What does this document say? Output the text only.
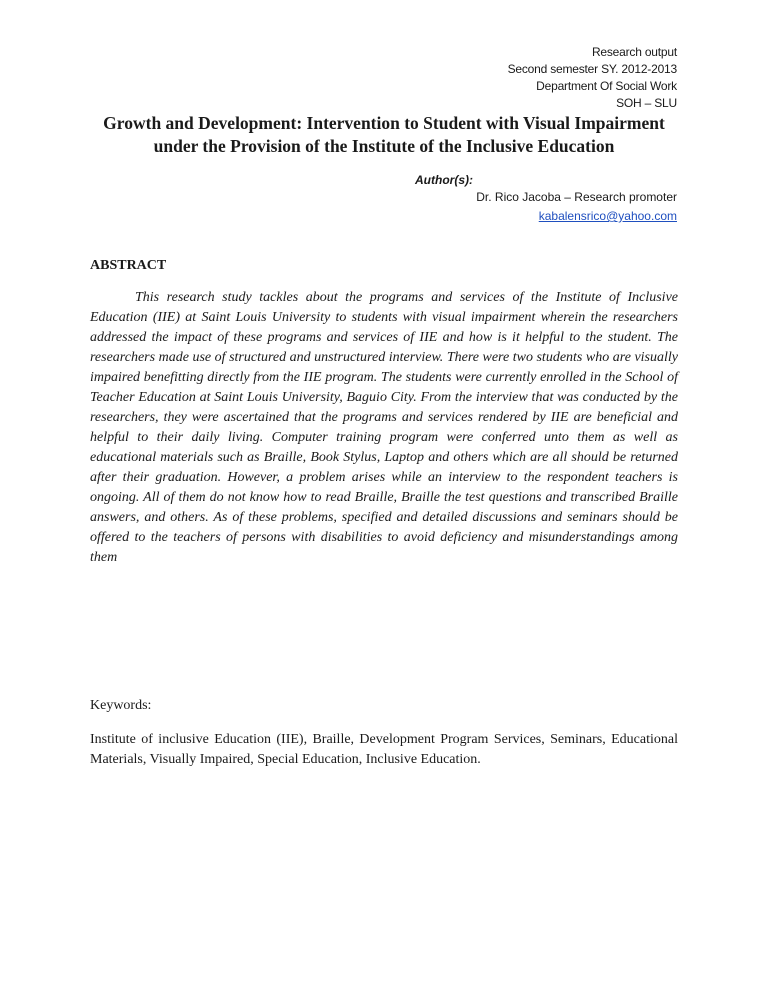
Research output
Second semester SY. 2012-2013
Department Of Social Work
SOH – SLU
Growth and Development: Intervention to Student with Visual Impairment under the Provision of the Institute of the Inclusive Education
Author(s):
Dr. Rico Jacoba – Research promoter
kabalensrico@yahoo.com
ABSTRACT

This research study tackles about the programs and services of the Institute of Inclusive Education (IIE) at Saint Louis University to students with visual impairment wherein the researchers addressed the impact of these programs and services of IIE and how is it helpful to the student. The researchers made use of structured and unstructured interview. There were two students who are visually impaired benefitting directly from the IIE program. The students were currently enrolled in the School of Teacher Education at Saint Louis University, Baguio City. From the interview that was conducted by the researchers, they were ascertained that the programs and services rendered by IIE are beneficial and helpful to their daily living. Computer training program were conferred unto them as well as educational materials such as Braille, Book Stylus, Laptop and others which are all should be returned after their graduation. However, a problem arises while an interview to the respondent teachers is ongoing. All of them do not know how to read Braille, Braille the test questions and transcribed Braille answers, and others. As of these problems, specified and detailed discussions and seminars should be offered to the teachers of persons with disabilities to avoid deficiency and misunderstandings among them

Keywords:

Institute of inclusive Education (IIE), Braille, Development Program Services, Seminars, Educational Materials, Visually Impaired, Special Education, Inclusive Education.
